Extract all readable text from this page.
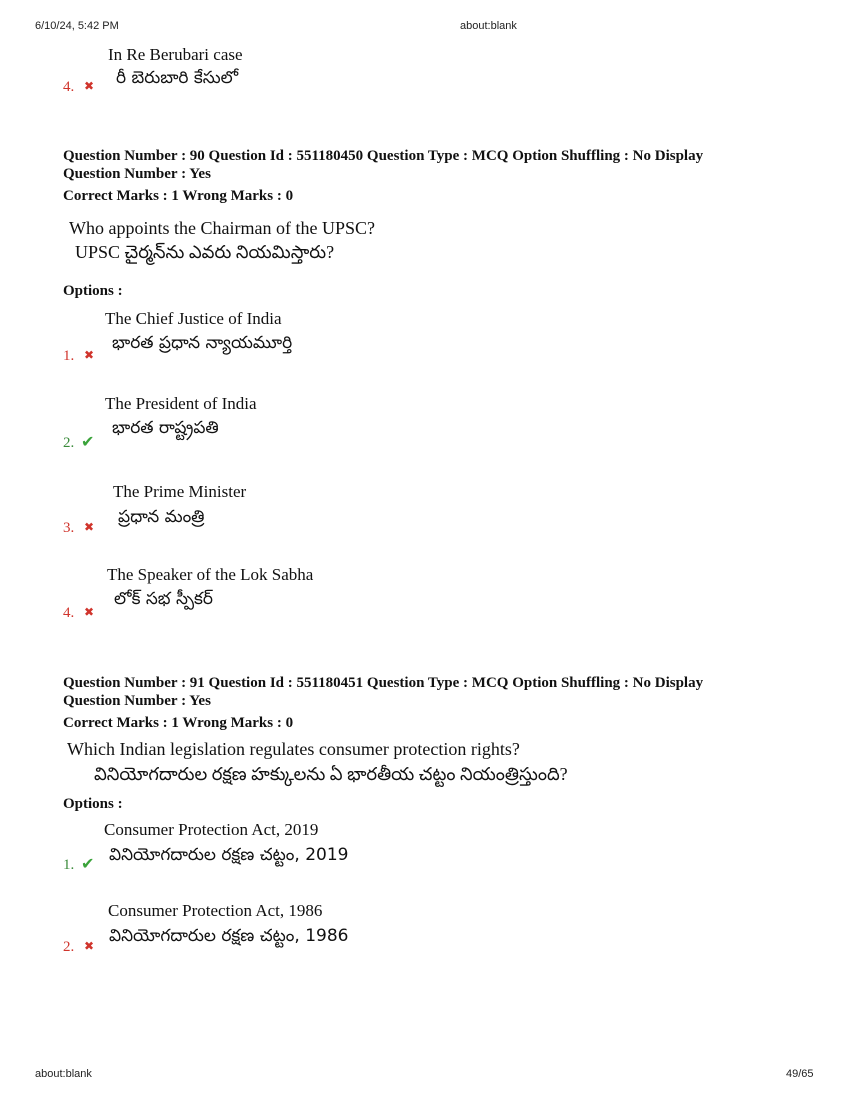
6/10/24, 5:42 PM	about:blank
about:blank	49/65
In Re Berubari case
రీ బెరుబారి కేసులో
4. ✖
Question Number : 90 Question Id : 551180450 Question Type : MCQ Option Shuffling : No Display
Question Number : Yes
Correct Marks : 1 Wrong Marks : 0
Who appoints the Chairman of the UPSC?
UPSC చైర్మన్‌ను ఎవరు నియమిస్తారు?
Options :
The Chief Justice of India
భారత ప్రధాన న్యాయమూర్తి
1. ✖
The President of India
భారత రాష్ట్రపతి
2. ✔
The Prime Minister
ప్రధాన మంత్రి
3. ✖
The Speaker of the Lok Sabha
లోక్ సభ స్పీకర్
4. ✖
Question Number : 91 Question Id : 551180451 Question Type : MCQ Option Shuffling : No Display
Question Number : Yes
Correct Marks : 1 Wrong Marks : 0
Which Indian legislation regulates consumer protection rights?
వినియోగదారుల రక్షణ హక్కులను ఏ భారతీయ చట్టం నియంత్రిస్తుంది?
Options :
Consumer Protection Act, 2019
వినియోగదారుల రక్షణ చట్టం, 2019
1. ✔
Consumer Protection Act, 1986
వినియోగదారుల రక్షణ చట్టం, 1986
2. ✖
